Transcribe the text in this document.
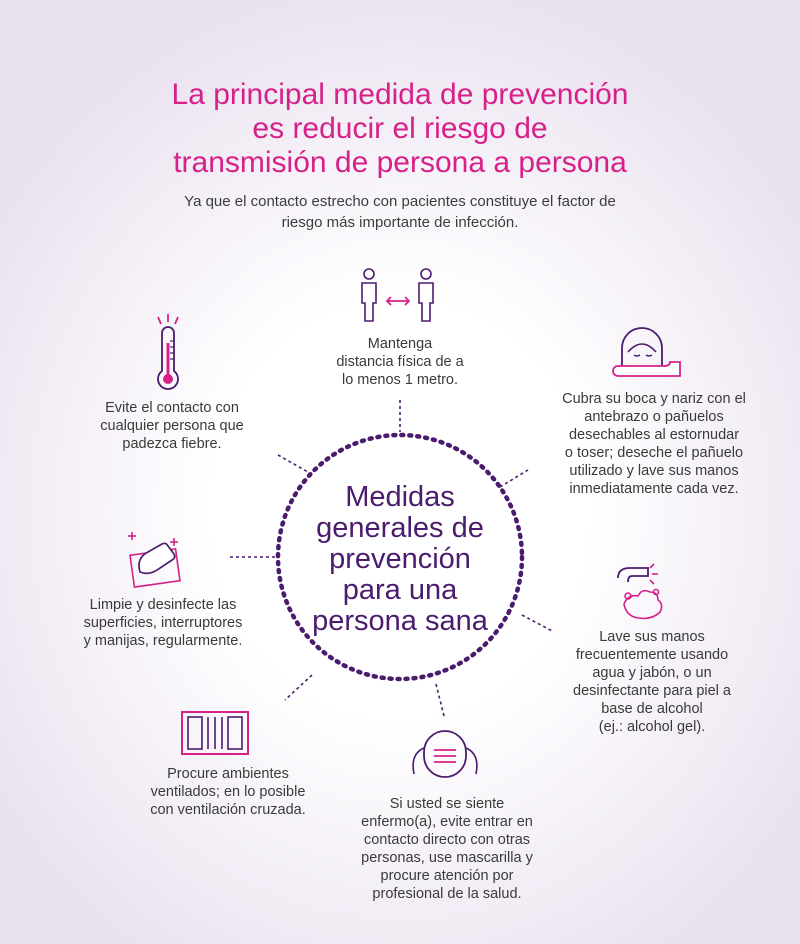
La principal medida de prevención
es reducir el riesgo de
transmisión de persona a persona
Ya que el contacto estrecho con pacientes constituye el factor de
riesgo más importante de infección.
Medidas
generales de
prevención
para una
persona sana
Mantenga
distancia física de a
lo menos 1 metro.
Cubra su boca y nariz con el
antebrazo o pañuelos
desechables al estornudar
o toser; deseche el pañuelo
utilizado y lave sus manos
inmediatamente cada vez.
Lave sus manos
frecuentemente usando
agua y jabón, o un
desinfectante para piel a
base de alcohol
(ej.: alcohol gel).
Si usted se siente
enfermo(a), evite entrar en
contacto directo con otras
personas, use mascarilla y
procure atención por
profesional de la salud.
Procure ambientes
ventilados; en lo posible
con ventilación cruzada.
Limpie y desinfecte las
superficies, interruptores
y manijas, regularmente.
Evite el contacto con
cualquier persona que
padezca fiebre.
